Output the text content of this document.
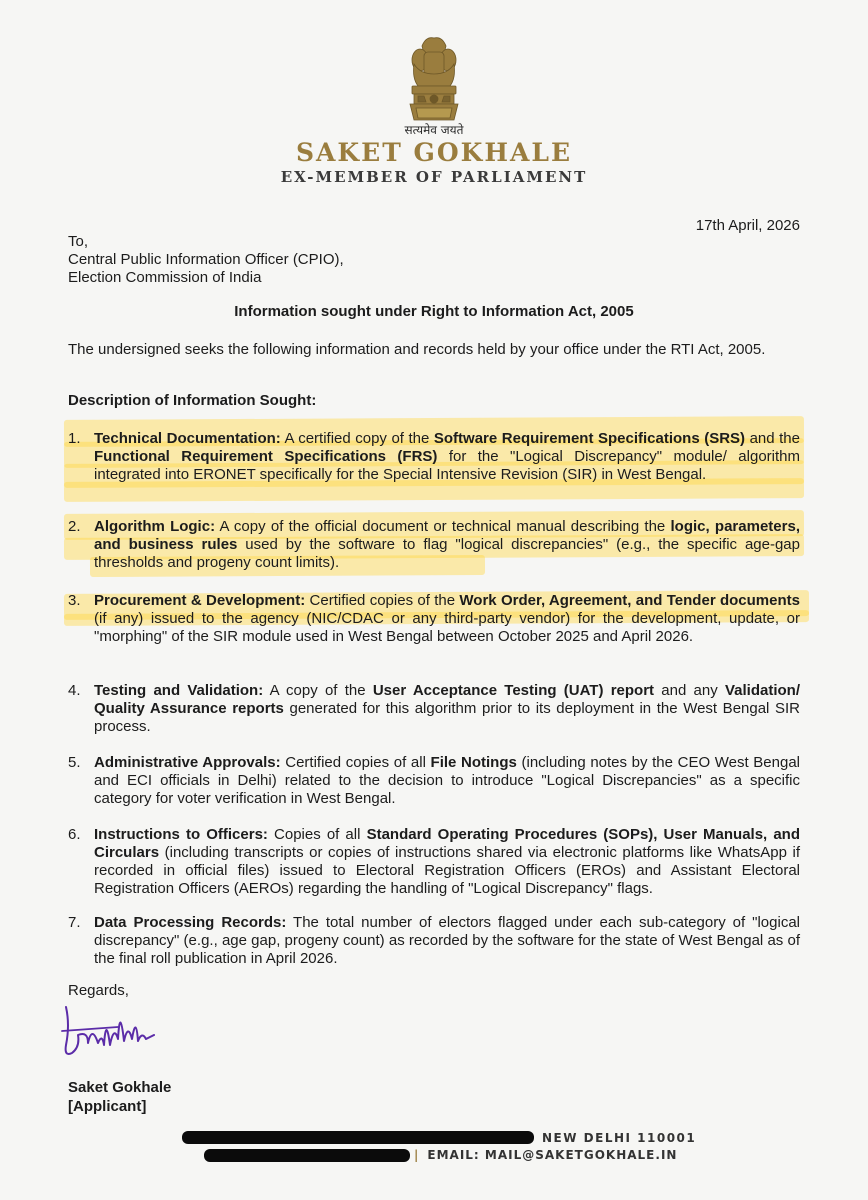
सत्यमेव जयते
SAKET GOKHALE
EX-MEMBER OF PARLIAMENT
17th April, 2026
To,
Central Public Information Officer (CPIO),
Election Commission of India
Information sought under Right to Information Act, 2005
The undersigned seeks the following information and records held by your office under the RTI Act, 2005.
Description of Information Sought:
1. Technical Documentation: A certified copy of the Software Requirement Specifications (SRS) and the Functional Requirement Specifications (FRS) for the "Logical Discrepancy" module/ algorithm integrated into ERONET specifically for the Special Intensive Revision (SIR) in West Bengal.
2. Algorithm Logic: A copy of the official document or technical manual describing the logic, parameters, and business rules used by the software to flag "logical discrepancies" (e.g., the specific age-gap thresholds and progeny count limits).
3. Procurement & Development: Certified copies of the Work Order, Agreement, and Tender documents (if any) issued to the agency (NIC/CDAC or any third-party vendor) for the development, update, or "morphing" of the SIR module used in West Bengal between October 2025 and April 2026.
4. Testing and Validation: A copy of the User Acceptance Testing (UAT) report and any Validation/ Quality Assurance reports generated for this algorithm prior to its deployment in the West Bengal SIR process.
5. Administrative Approvals: Certified copies of all File Notings (including notes by the CEO West Bengal and ECI officials in Delhi) related to the decision to introduce "Logical Discrepancies" as a specific category for voter verification in West Bengal.
6. Instructions to Officers: Copies of all Standard Operating Procedures (SOPs), User Manuals, and Circulars (including transcripts or copies of instructions shared via electronic platforms like WhatsApp if recorded in official files) issued to Electoral Registration Officers (EROs) and Assistant Electoral Registration Officers (AEROs) regarding the handling of "Logical Discrepancy" flags.
7. Data Processing Records: The total number of electors flagged under each sub-category of "logical discrepancy" (e.g., age gap, progeny count) as recorded by the software for the state of West Bengal as of the final roll publication in April 2026.
Regards,
Saket Gokhale
[Applicant]
NEW DELHI 110001
| EMAIL: MAIL@SAKETGOKHALE.IN
